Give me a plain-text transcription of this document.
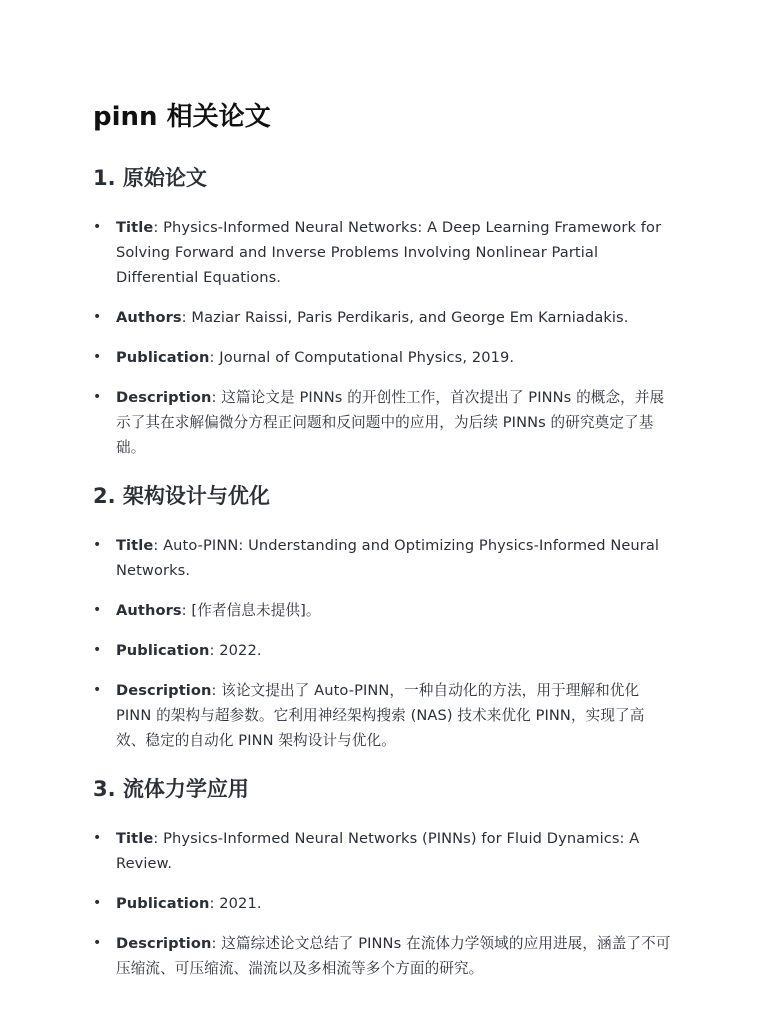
pinn 相关论文
1. 原始论文
• Title: Physics-Informed Neural Networks: A Deep Learning Framework for Solving Forward and Inverse Problems Involving Nonlinear Partial Differential Equations.
• Authors: Maziar Raissi, Paris Perdikaris, and George Em Karniadakis.
• Publication: Journal of Computational Physics, 2019.
• Description: 这篇论文是 PINNs 的开创性工作，首次提出了 PINNs 的概念，并展示了其在求解偏微分方程正问题和反问题中的应用，为后续 PINNs 的研究奠定了基础。
2. 架构设计与优化
• Title: Auto-PINN: Understanding and Optimizing Physics-Informed Neural Networks.
• Authors: [作者信息未提供]。
• Publication: 2022.
• Description: 该论文提出了 Auto-PINN，一种自动化的方法，用于理解和优化 PINN 的架构与超参数。它利用神经架构搜索 (NAS) 技术来优化 PINN，实现了高效、稳定的自动化 PINN 架构设计与优化。
3. 流体力学应用
• Title: Physics-Informed Neural Networks (PINNs) for Fluid Dynamics: A Review.
• Publication: 2021.
• Description: 这篇综述论文总结了 PINNs 在流体力学领域的应用进展，涵盖了不可压缩流、可压缩流、湍流以及多相流等多个方面的研究。
